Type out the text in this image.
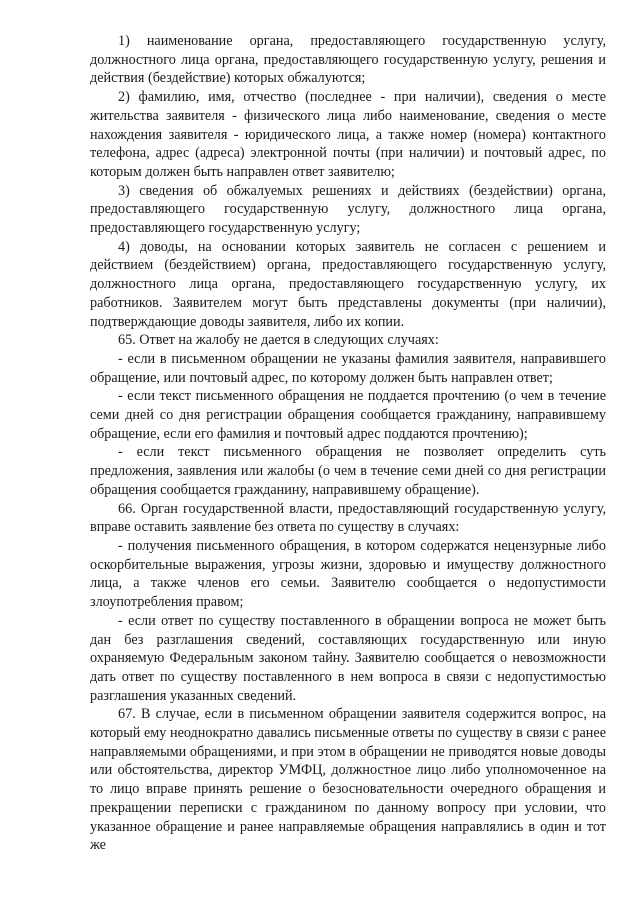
1) наименование органа, предоставляющего государственную услугу, должностного лица органа, предоставляющего государственную услугу, решения и действия (бездействие) которых обжалуются;

2) фамилию, имя, отчество (последнее - при наличии), сведения о месте жительства заявителя - физического лица либо наименование, сведения о месте нахождения заявителя - юридического лица, а также номер (номера) контактного телефона, адрес (адреса) электронной почты (при наличии) и почтовый адрес, по которым должен быть направлен ответ заявителю;

3) сведения об обжалуемых решениях и действиях (бездействии) органа, предоставляющего государственную услугу, должностного лица органа, предоставляющего государственную услугу;

4) доводы, на основании которых заявитель не согласен с решением и действием (бездействием) органа, предоставляющего государственную услугу, должностного лица органа, предоставляющего государственную услугу, их работников. Заявителем могут быть представлены документы (при наличии), подтверждающие доводы заявителя, либо их копии.

65. Ответ на жалобу не дается в следующих случаях:

- если в письменном обращении не указаны фамилия заявителя, направившего обращение, или почтовый адрес, по которому должен быть направлен ответ;

- если текст письменного обращения не поддается прочтению (о чем в течение семи дней со дня регистрации обращения сообщается гражданину, направившему обращение, если его фамилия и почтовый адрес поддаются прочтению);

- если текст письменного обращения не позволяет определить суть предложения, заявления или жалобы (о чем в течение семи дней со дня регистрации обращения сообщается гражданину, направившему обращение).

66. Орган государственной власти, предоставляющий государственную услугу, вправе оставить заявление без ответа по существу в случаях:

- получения письменного обращения, в котором содержатся нецензурные либо оскорбительные выражения, угрозы жизни, здоровью и имуществу должностного лица, а также членов его семьи. Заявителю сообщается о недопустимости злоупотребления правом;

- если ответ по существу поставленного в обращении вопроса не может быть дан без разглашения сведений, составляющих государственную или иную охраняемую Федеральным законом тайну. Заявителю сообщается о невозможности дать ответ по существу поставленного в нем вопроса в связи с недопустимостью разглашения указанных сведений.

67. В случае, если в письменном обращении заявителя содержится вопрос, на который ему неоднократно давались письменные ответы по существу в связи с ранее направляемыми обращениями, и при этом в обращении не приводятся новые доводы или обстоятельства, директор УМФЦ, должностное лицо либо уполномоченное на то лицо вправе принять решение о безосновательности очередного обращения и прекращении переписки с гражданином по данному вопросу при условии, что указанное обращение и ранее направляемые обращения направлялись в один и тот же
